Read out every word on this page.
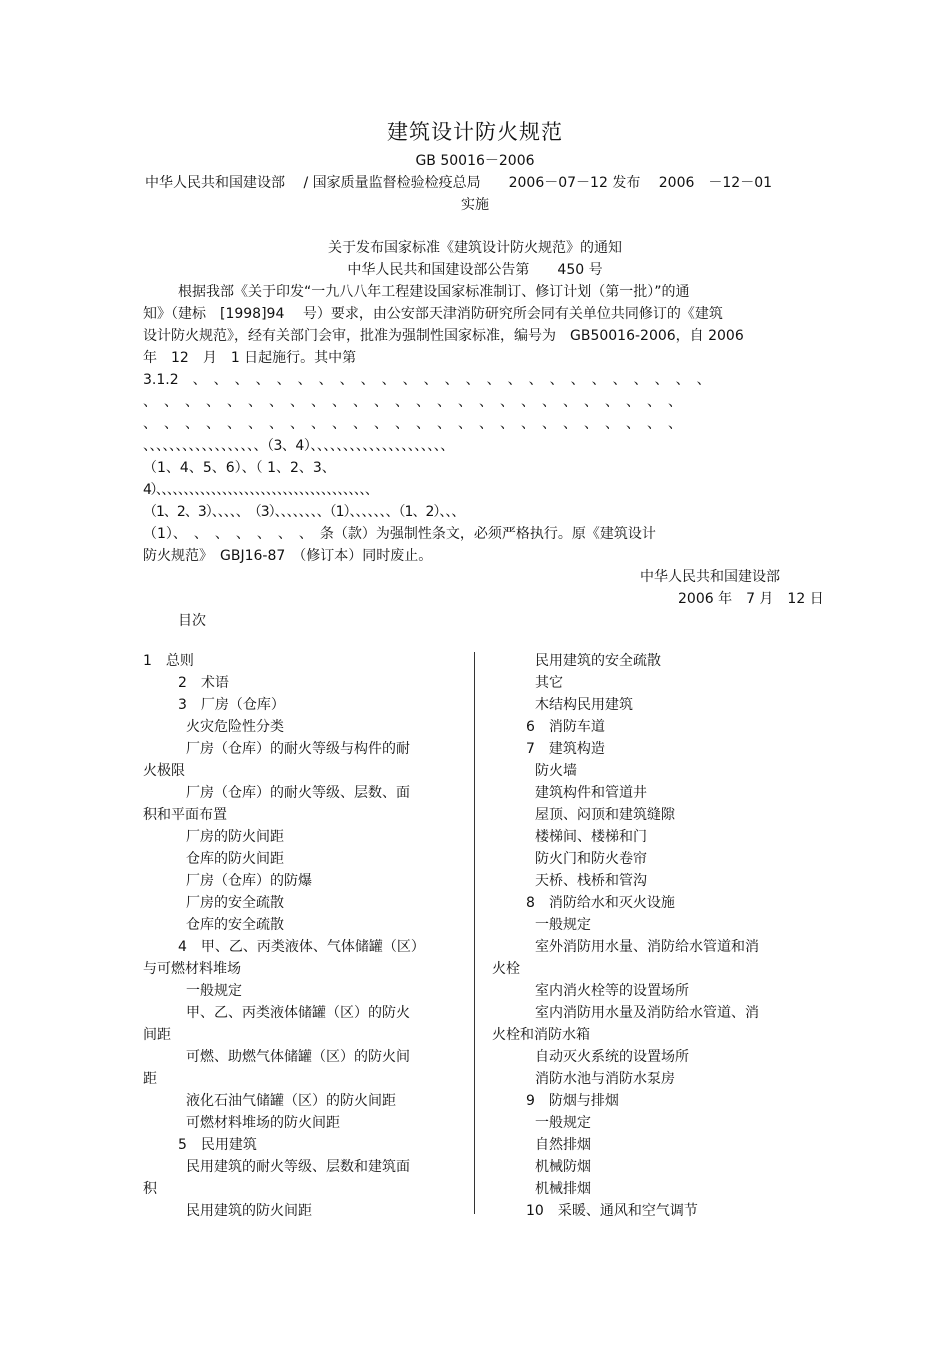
建筑设计防火规范
GB 50016－2006
中华人民共和国建设部　 / 国家质量监督检验检疫总局　　2006－07－12 发布　 2006　－12－01
实施
关于发布国家标准《建筑设计防火规范》的通知
中华人民共和国建设部公告第　　450 号
根据我部《关于印发“一九八八年工程建设国家标准制订、修订计划（第一批）”的通
知》（建标　[1998]94　 号）要求，由公安部天津消防研究所会同有关单位共同修订的《建筑
设计防火规范》，经有关部门会审，批准为强制性国家标准，编号为　GB50016-2006，自 2006
年　12　月　1 日起施行。其中第
3.1.2　、　、　、　、　、　、　、　、　、　、　、　、　、　、　、　、　、　、　、　、　、　、　、　、　、
、　、　、　、　、　、　、　、　、　、　、　、　、　、　、　、　、　、　、　、　、　、　、　、　、　、
、　、　、　、　、　、　、　、　、　、　、　、　、　、　、　、　、　、　、　、　、　、　、　、　、　、
、、、、、、、、、、、、、、、、、、（3、4）、、、、、、、、、、、、、、、、、、、、、
（1、4、5、6）、（ 1、2、3、
4）、、、、、、、、、、、、、、、、、、、、、、、、、、、、、、、、、、、、、、、
（1、2、3）、、、、、　（3）、、、、、、、、（1）、、、、、、、（1、2）、、、
（1）、　、　、　、　、　、　、　条（款）为强制性条文，必须严格执行。原《建筑设计
防火规范》　GBJ16-87　（修订本）同时废止。
中华人民共和国建设部
2006 年　7 月　12 日
目次
1　总则
2　术语
3　厂房（仓库）
火灾危险性分类
厂房（仓库）的耐火等级与构件的耐
火极限
厂房（仓库）的耐火等级、层数、面
积和平面布置
厂房的防火间距
仓库的防火间距
厂房（仓库）的防爆
厂房的安全疏散
仓库的安全疏散
4　甲、乙、丙类液体、气体储罐（区）
与可燃材料堆场
一般规定
甲、乙、丙类液体储罐（区）的防火
间距
可燃、助燃气体储罐（区）的防火间
距
液化石油气储罐（区）的防火间距
可燃材料堆场的防火间距
5　民用建筑
民用建筑的耐火等级、层数和建筑面
积
民用建筑的防火间距
民用建筑的安全疏散
其它
木结构民用建筑
6　消防车道
7　建筑构造
防火墙
建筑构件和管道井
屋顶、闷顶和建筑缝隙
楼梯间、楼梯和门
防火门和防火卷帘
天桥、栈桥和管沟
8　消防给水和灭火设施
一般规定
室外消防用水量、消防给水管道和消
火栓
室内消火栓等的设置场所
室内消防用水量及消防给水管道、消
火栓和消防水箱
自动灭火系统的设置场所
消防水池与消防水泵房
9　防烟与排烟
一般规定
自然排烟
机械防烟
机械排烟
10　采暖、通风和空气调节
